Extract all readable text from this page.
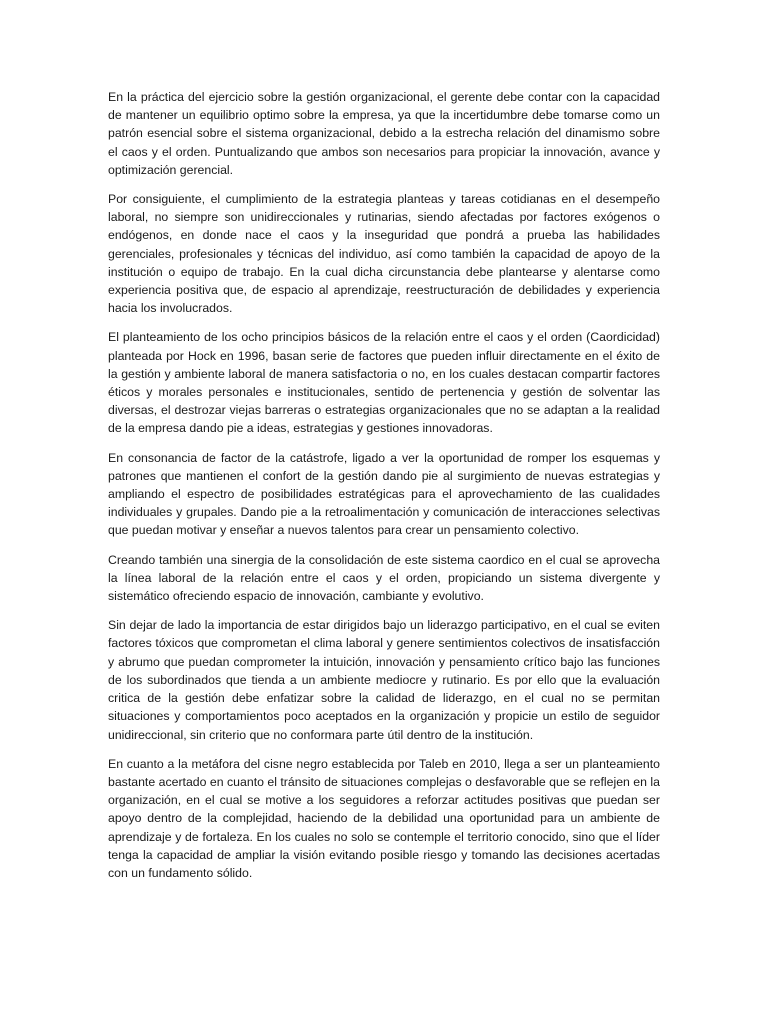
En la práctica del ejercicio sobre la gestión organizacional, el gerente debe contar con la capacidad de mantener un equilibrio optimo sobre la empresa, ya que la incertidumbre debe tomarse como un patrón esencial sobre el sistema organizacional, debido a la estrecha relación del dinamismo sobre el caos y el orden. Puntualizando que ambos son necesarios para propiciar la innovación, avance y optimización gerencial.

Por consiguiente, el cumplimiento de la estrategia planteas y tareas cotidianas en el desempeño laboral, no siempre son unidireccionales y rutinarias, siendo afectadas por factores exógenos o endógenos, en donde nace el caos y la inseguridad que pondrá a prueba las habilidades gerenciales, profesionales y técnicas del individuo, así como también la capacidad de apoyo de la institución o equipo de trabajo. En la cual dicha circunstancia debe plantearse y alentarse como experiencia positiva que, de espacio al aprendizaje, reestructuración de debilidades y experiencia hacia los involucrados.

El planteamiento de los ocho principios básicos de la relación entre el caos y el orden (Caordicidad) planteada por Hock en 1996, basan serie de factores que pueden influir directamente en el éxito de la gestión y ambiente laboral de manera satisfactoria o no, en los cuales destacan compartir factores éticos y morales personales e institucionales, sentido de pertenencia y gestión de solventar las diversas, el destrozar viejas barreras o estrategias organizacionales que no se adaptan a la realidad de la empresa dando pie a ideas, estrategias y gestiones innovadoras.

En consonancia de factor de la catástrofe, ligado a ver la oportunidad de romper los esquemas y patrones que mantienen el confort de la gestión dando pie al surgimiento de nuevas estrategias y ampliando el espectro de posibilidades estratégicas para el aprovechamiento de las cualidades individuales y grupales. Dando pie a la retroalimentación y comunicación de interacciones selectivas que puedan motivar y enseñar a nuevos talentos para crear un pensamiento colectivo.

Creando también una sinergia de la consolidación de este sistema caordico en el cual se aprovecha la línea laboral de la relación entre el caos y el orden, propiciando un sistema divergente y sistemático ofreciendo espacio de innovación, cambiante y evolutivo.

Sin dejar de lado la importancia de estar dirigidos bajo un liderazgo participativo, en el cual se eviten factores tóxicos que comprometan el clima laboral y genere sentimientos colectivos de insatisfacción y abrumo que puedan comprometer la intuición, innovación y pensamiento crítico bajo las funciones de los subordinados que tienda a un ambiente mediocre y rutinario. Es por ello que la evaluación critica de la gestión debe enfatizar sobre la calidad de liderazgo, en el cual no se permitan situaciones y comportamientos poco aceptados en la organización y propicie un estilo de seguidor unidireccional, sin criterio que no conformara parte útil dentro de la institución.

En cuanto a la metáfora del cisne negro establecida por Taleb en 2010, llega a ser un planteamiento bastante acertado en cuanto el tránsito de situaciones complejas o desfavorable que se reflejen en la organización, en el cual se motive a los seguidores a reforzar actitudes positivas que puedan ser apoyo dentro de la complejidad, haciendo de la debilidad una oportunidad para un ambiente de aprendizaje y de fortaleza. En los cuales no solo se contemple el territorio conocido, sino que el líder tenga la capacidad de ampliar la visión evitando posible riesgo y tomando las decisiones acertadas con un fundamento sólido.
